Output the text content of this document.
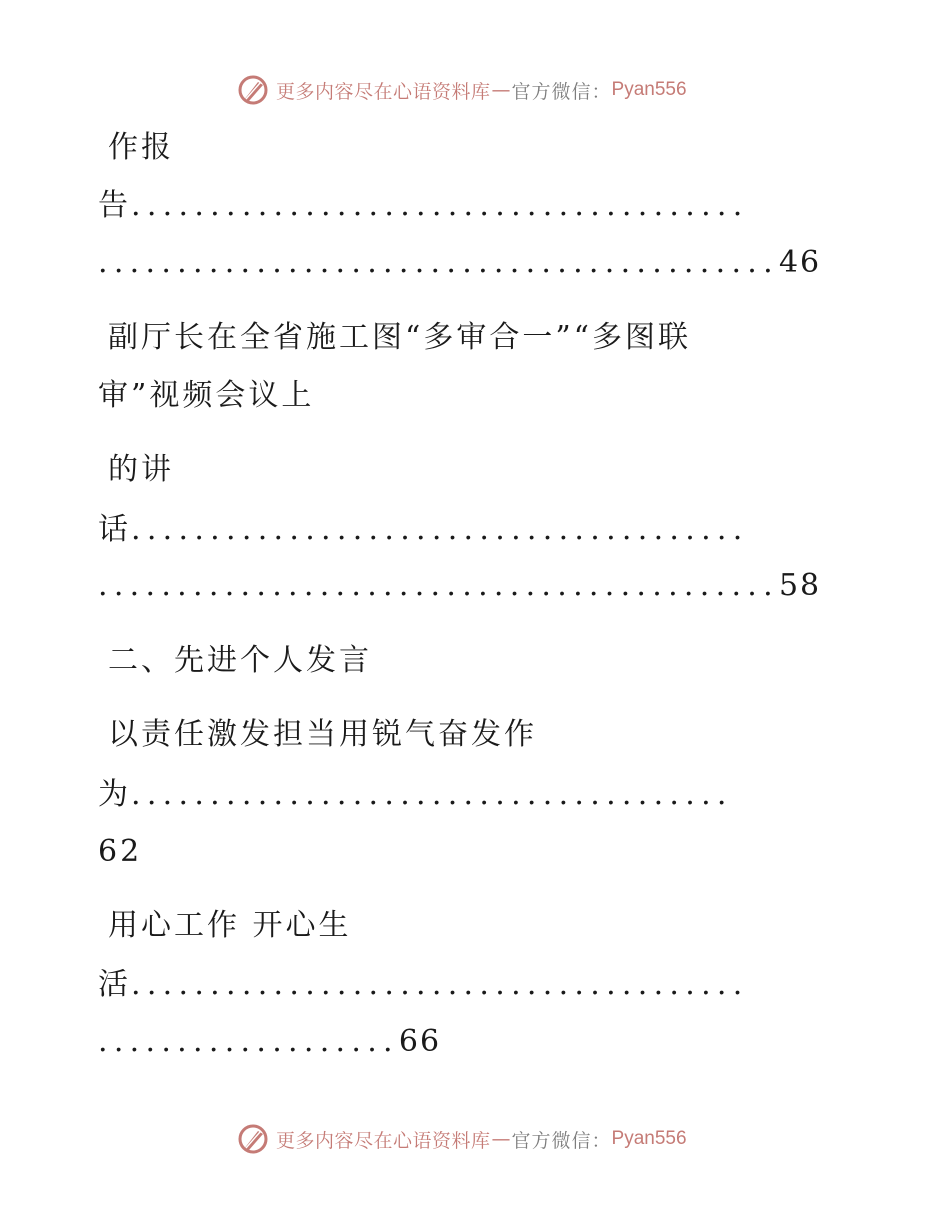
更多内容尽在心语资料库 — 官方微信： Pyan556
作报
告.......................................
...........................................46
副厅长在全省施工图“多审合一”“多图联
审”视频会议上
的讲
话.......................................
...........................................58
二、先进个人发言
以责任激发担当用锐气奋发作
为......................................
62
用心工作 开心生
活.......................................
...................66
更多内容尽在心语资料库 — 官方微信： Pyan556
